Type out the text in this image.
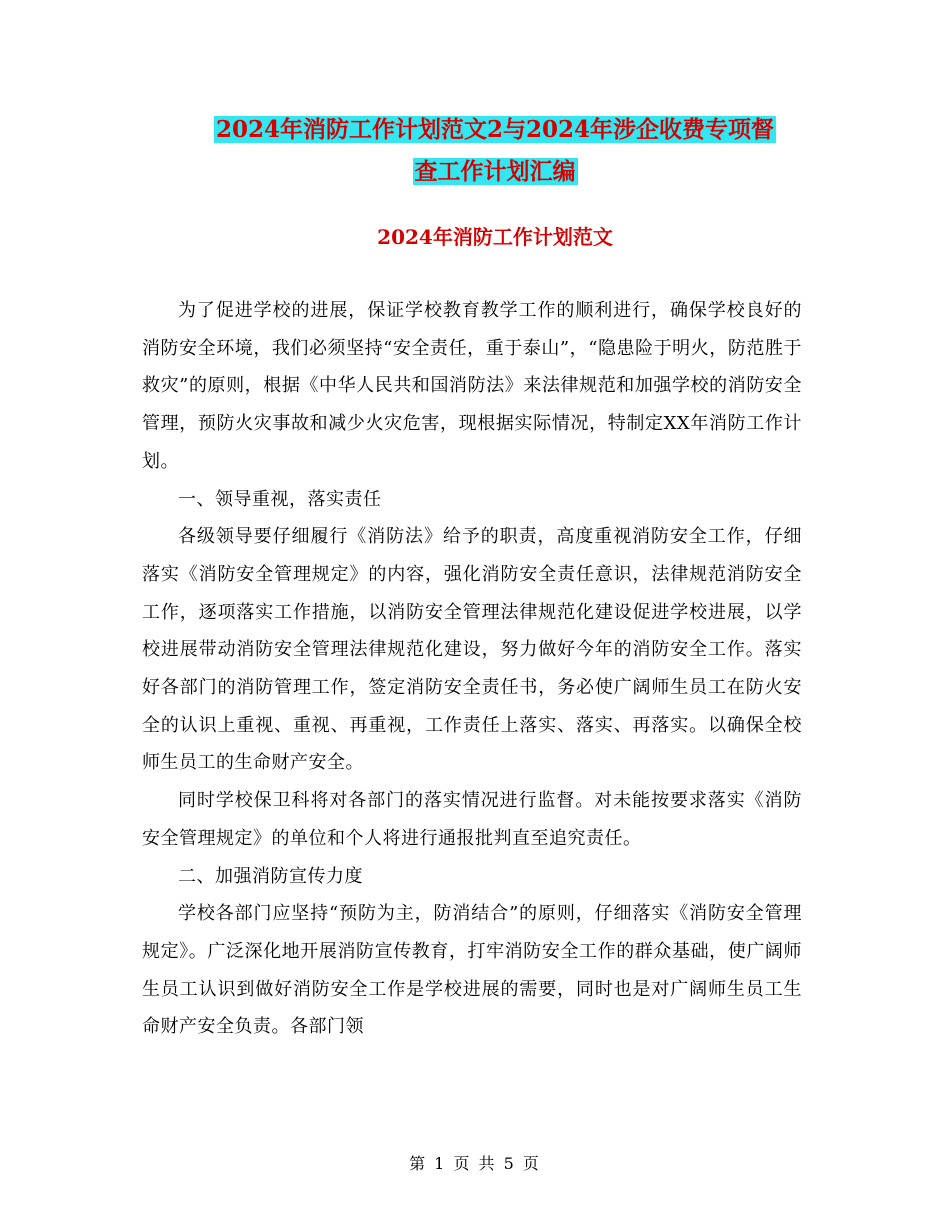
2024年消防工作计划范文2与2024年涉企收费专项督
查工作计划汇编
2024年消防工作计划范文

为了促进学校的进展，保证学校教育教学工作的顺利进行，确保学校良好的消防安全环境，我们必须坚持“安全责任，重于泰山”，“隐患险于明火，防范胜于救灾”的原则，根据《中华人民共和国消防法》来法律规范和加强学校的消防安全管理，预防火灾事故和减少火灾危害，现根据实际情况，特制定XX年消防工作计划。

一、领导重视，落实责任

各级领导要仔细履行《消防法》给予的职责，高度重视消防安全工作，仔细落实《消防安全管理规定》的内容，强化消防安全责任意识，法律规范消防安全工作，逐项落实工作措施，以消防安全管理法律规范化建设促进学校进展，以学校进展带动消防安全管理法律规范化建设，努力做好今年的消防安全工作。落实好各部门的消防管理工作，签定消防安全责任书，务必使广阔师生员工在防火安全的认识上重视、重视、再重视，工作责任上落实、落实、再落实。以确保全校师生员工的生命财产安全。

同时学校保卫科将对各部门的落实情况进行监督。对未能按要求落实《消防安全管理规定》的单位和个人将进行通报批判直至追究责任。

二、加强消防宣传力度

学校各部门应坚持“预防为主，防消结合”的原则，仔细落实《消防安全管理规定》。广泛深化地开展消防宣传教育，打牢消防安全工作的群众基础，使广阔师生员工认识到做好消防安全工作是学校进展的需要，同时也是对广阔师生员工生命财产安全负责。各部门领

第 1 页 共 5 页
